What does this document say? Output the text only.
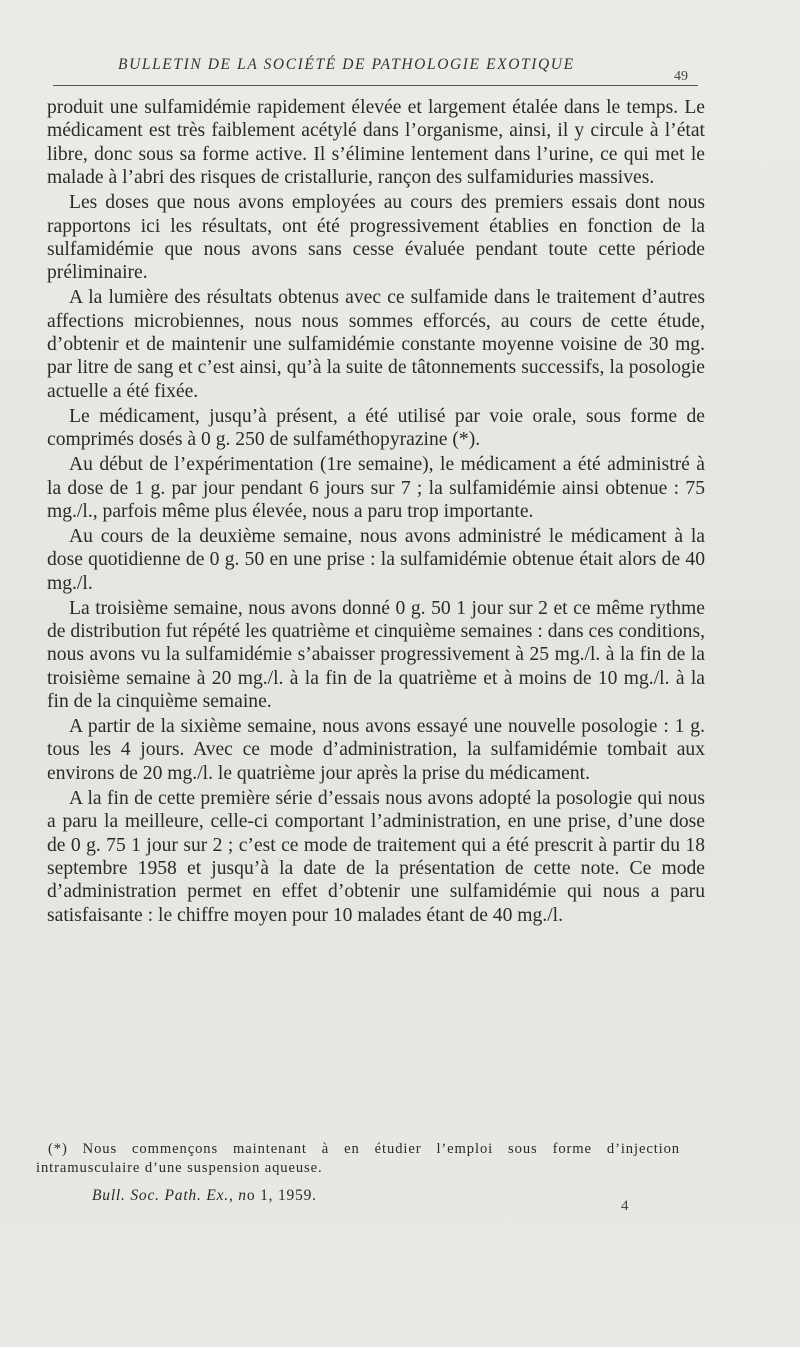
BULLETIN DE LA SOCIÉTÉ DE PATHOLOGIE EXOTIQUE
49

produit une sulfamidémie rapidement élevée et largement étalée dans le temps. Le médicament est très faiblement acétylé dans l’organisme, ainsi, il y circule à l’état libre, donc sous sa forme active. Il s’élimine lentement dans l’urine, ce qui met le malade à l’abri des risques de cristallurie, rançon des sulfamiduries massives.

Les doses que nous avons employées au cours des premiers essais dont nous rapportons ici les résultats, ont été progressivement établies en fonction de la sulfamidémie que nous avons sans cesse évaluée pendant toute cette période préliminaire.

A la lumière des résultats obtenus avec ce sulfamide dans le traitement d’autres affections microbiennes, nous nous sommes efforcés, au cours de cette étude, d’obtenir et de maintenir une sulfamidémie constante moyenne voisine de 30 mg. par litre de sang et c’est ainsi, qu’à la suite de tâtonnements successifs, la posologie actuelle a été fixée.

Le médicament, jusqu’à présent, a été utilisé par voie orale, sous forme de comprimés dosés à 0 g. 250 de sulfaméthopyrazine (*).

Au début de l’expérimentation (1re semaine), le médicament a été administré à la dose de 1 g. par jour pendant 6 jours sur 7 ; la sulfamidémie ainsi obtenue : 75 mg./l., parfois même plus élevée, nous a paru trop importante.

Au cours de la deuxième semaine, nous avons administré le médicament à la dose quotidienne de 0 g. 50 en une prise : la sulfamidémie obtenue était alors de 40 mg./l.

La troisième semaine, nous avons donné 0 g. 50 1 jour sur 2 et ce même rythme de distribution fut répété les quatrième et cinquième semaines : dans ces conditions, nous avons vu la sulfamidémie s’abaisser progressivement à 25 mg./l. à la fin de la troisième semaine à 20 mg./l. à la fin de la quatrième et à moins de 10 mg./l. à la fin de la cinquième semaine.

A partir de la sixième semaine, nous avons essayé une nouvelle posologie : 1 g. tous les 4 jours. Avec ce mode d’administration, la sulfamidémie tombait aux environs de 20 mg./l. le quatrième jour après la prise du médicament.

A la fin de cette première série d’essais nous avons adopté la posologie qui nous a paru la meilleure, celle-ci comportant l’administration, en une prise, d’une dose de 0 g. 75 1 jour sur 2 ; c’est ce mode de traitement qui a été prescrit à partir du 18 septembre 1958 et jusqu’à la date de la présentation de cette note. Ce mode d’administration permet en effet d’obtenir une sulfamidémie qui nous a paru satisfaisante : le chiffre moyen pour 10 malades étant de 40 mg./l.

(*) Nous commençons maintenant à en étudier l’emploi sous forme d’injection intramusculaire d’une suspension aqueuse.
Bull. Soc. Path. Ex., no 1, 1959.
4
